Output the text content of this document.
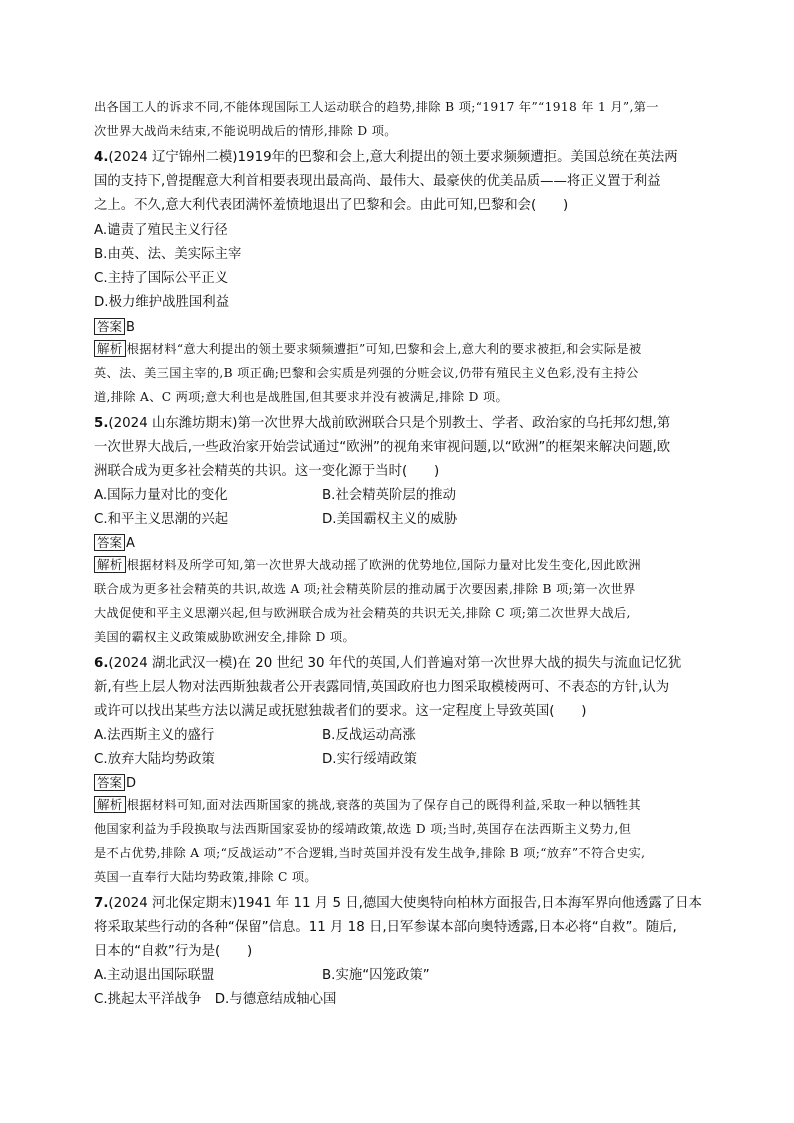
出各国工人的诉求不同,不能体现国际工人运动联合的趋势,排除 B 项;“1917 年”“1918 年 1 月”,第一
次世界大战尚未结束,不能说明战后的情形,排除 D 项。
4.(2024 辽宁锦州二模)1919年的巴黎和会上,意大利提出的领土要求频频遭拒。美国总统在英法两
国的支持下,曾提醒意大利首相要表现出最高尚、最伟大、最豪侠的优美品质——将正义置于利益
之上。不久,意大利代表团满怀羞愤地退出了巴黎和会。由此可知,巴黎和会(　　)
A.谴责了殖民主义行径
B.由英、法、美实际主宰
C.主持了国际公平正义
D.极力维护战胜国利益
答案 B
解析 根据材料“意大利提出的领土要求频频遭拒”可知,巴黎和会上,意大利的要求被拒,和会实际是被
英、法、美三国主宰的,B 项正确;巴黎和会实质是列强的分赃会议,仍带有殖民主义色彩,没有主持公
道,排除 A、C 两项;意大利也是战胜国,但其要求并没有被满足,排除 D 项。
5.(2024 山东潍坊期末)第一次世界大战前欧洲联合只是个别教士、学者、政治家的乌托邦幻想,第
一次世界大战后,一些政治家开始尝试通过“欧洲”的视角来审视问题,以“欧洲”的框架来解决问题,欧
洲联合成为更多社会精英的共识。这一变化源于当时(　　)
A.国际力量对比的变化	B.社会精英阶层的推动
C.和平主义思潮的兴起	D.美国霸权主义的威胁
答案 A
解析 根据材料及所学可知,第一次世界大战动摇了欧洲的优势地位,国际力量对比发生变化,因此欧洲
联合成为更多社会精英的共识,故选 A 项;社会精英阶层的推动属于次要因素,排除 B 项;第一次世界
大战促使和平主义思潮兴起,但与欧洲联合成为社会精英的共识无关,排除 C 项;第二次世界大战后,
美国的霸权主义政策威胁欧洲安全,排除 D 项。
6.(2024 湖北武汉一模)在 20 世纪 30 年代的英国,人们普遍对第一次世界大战的损失与流血记忆犹
新,有些上层人物对法西斯独裁者公开表露同情,英国政府也力图采取模棱两可、不表态的方针,认为
或许可以找出某些方法以满足或抚慰独裁者们的要求。这一定程度上导致英国(　　)
A.法西斯主义的盛行	B.反战运动高涨
C.放弃大陆均势政策	D.实行绥靖政策
答案 D
解析 根据材料可知,面对法西斯国家的挑战,衰落的英国为了保存自己的既得利益,采取一种以牺牲其
他国家利益为手段换取与法西斯国家妥协的绥靖政策,故选 D 项;当时,英国存在法西斯主义势力,但
是不占优势,排除 A 项;“反战运动”不合逻辑,当时英国并没有发生战争,排除 B 项;“放弃”不符合史实,
英国一直奉行大陆均势政策,排除 C 项。
7.(2024 河北保定期末)1941 年 11 月 5 日,德国大使奥特向柏林方面报告,日本海军界向他透露了日本
将采取某些行动的各种“保留”信息。11 月 18 日,日军参谋本部向奥特透露,日本必将“自救”。随后,
日本的“自救”行为是(　　)
A.主动退出国际联盟	B.实施“囚笼政策”
C.挑起太平洋战争　D.与德意结成轴心国
